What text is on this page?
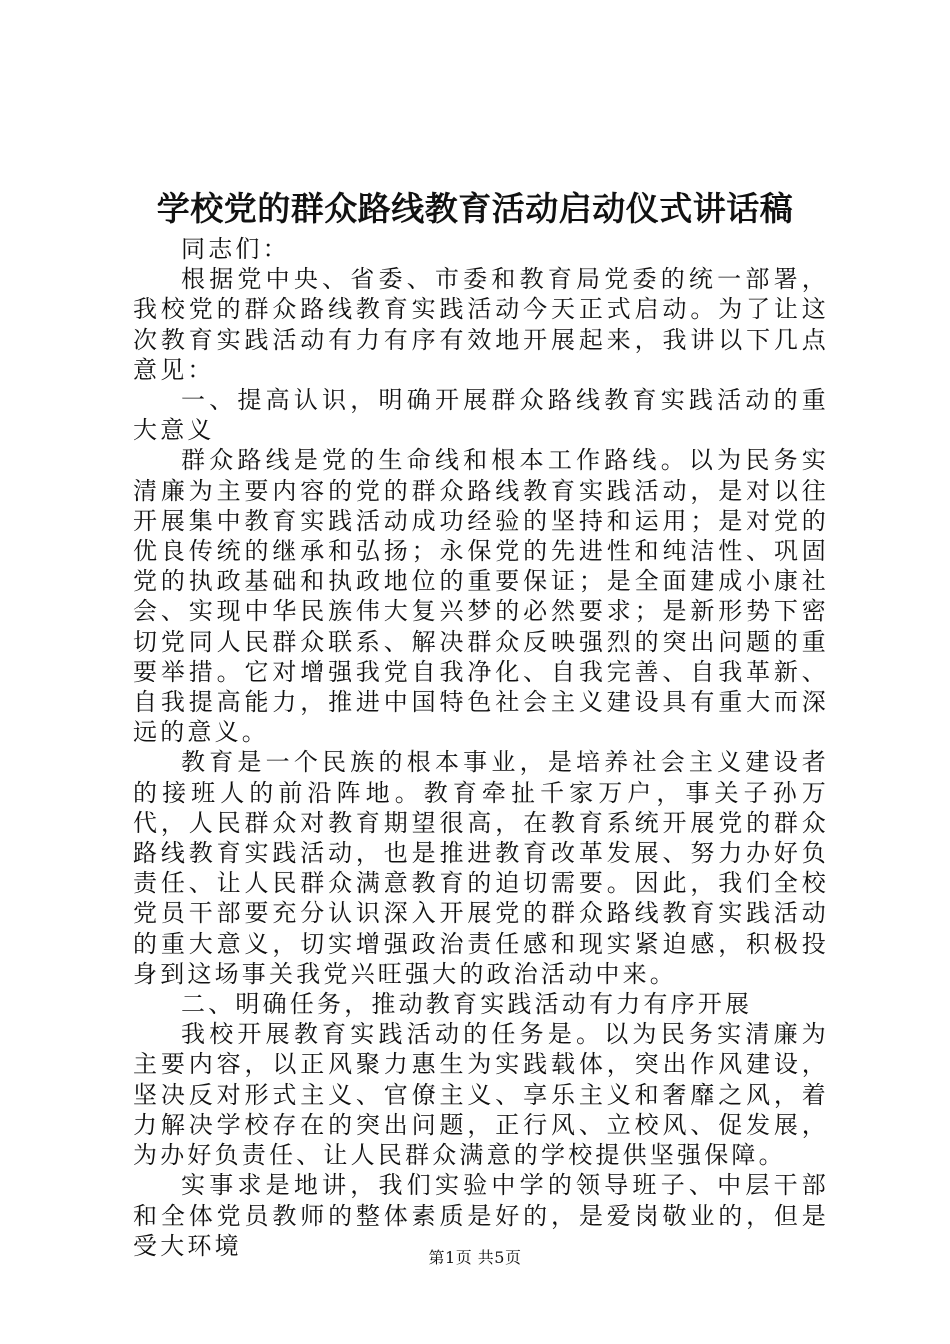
学校党的群众路线教育活动启动仪式讲话稿

同志们：

根据党中央、省委、市委和教育局党委的统一部署，我校党的群众路线教育实践活动今天正式启动。为了让这次教育实践活动有力有序有效地开展起来，我讲以下几点意见：

一、提高认识，明确开展群众路线教育实践活动的重大意义

群众路线是党的生命线和根本工作路线。以为民务实清廉为主要内容的党的群众路线教育实践活动，是对以往开展集中教育实践活动成功经验的坚持和运用；是对党的优良传统的继承和弘扬；永保党的先进性和纯洁性、巩固党的执政基础和执政地位的重要保证；是全面建成小康社会、实现中华民族伟大复兴梦的必然要求；是新形势下密切党同人民群众联系、解决群众反映强烈的突出问题的重要举措。它对增强我党自我净化、自我完善、自我革新、自我提高能力，推进中国特色社会主义建设具有重大而深远的意义。

教育是一个民族的根本事业，是培养社会主义建设者的接班人的前沿阵地。教育牵扯千家万户，事关子孙万代，人民群众对教育期望很高，在教育系统开展党的群众路线教育实践活动，也是推进教育改革发展、努力办好负责任、让人民群众满意教育的迫切需要。因此，我们全校党员干部要充分认识深入开展党的群众路线教育实践活动的重大意义，切实增强政治责任感和现实紧迫感，积极投身到这场事关我党兴旺强大的政治活动中来。

二、明确任务，推动教育实践活动有力有序开展

我校开展教育实践活动的任务是。以为民务实清廉为主要内容，以正风聚力惠生为实践载体，突出作风建设，坚决反对形式主义、官僚主义、享乐主义和奢靡之风，着力解决学校存在的突出问题，正行风、立校风、促发展，为办好负责任、让人民群众满意的学校提供坚强保障。

实事求是地讲，我们实验中学的领导班子、中层干部和全体党员教师的整体素质是好的，是爱岗敬业的，但是受大环境	第1页 共5页
